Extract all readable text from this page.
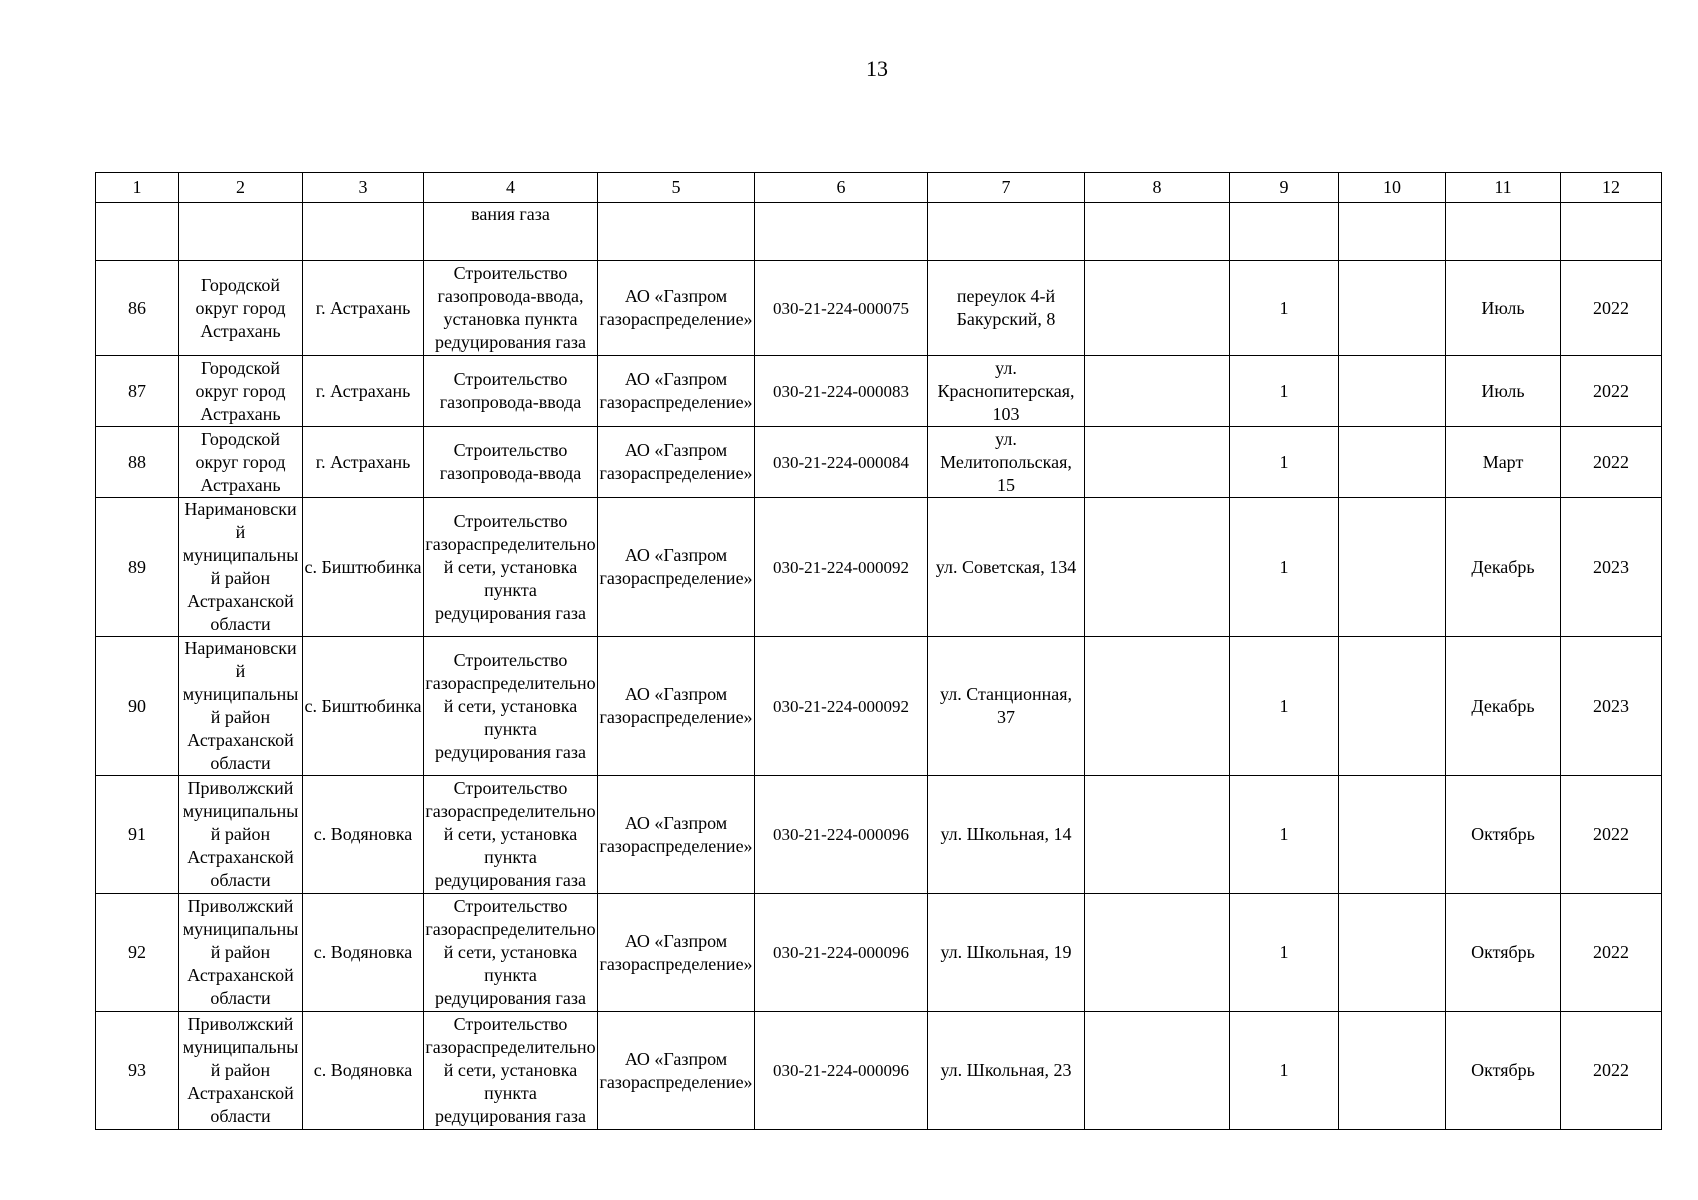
13
1	2	3	4	5	6	7	8	9	10	11	12
			вания газа								
86	Городской округ город Астрахань	г. Астрахань	Строительство газопровода-ввода, установка пункта редуцирования газа	АО «Газпром газораспределение»	030-21-224-000075	переулок 4-й Бакурский, 8		1		Июль	2022
87	Городской округ город Астрахань	г. Астрахань	Строительство газопровода-ввода	АО «Газпром газораспределение»	030-21-224-000083	ул. Краснопитерская, 103		1		Июль	2022
88	Городской округ город Астрахань	г. Астрахань	Строительство газопровода-ввода	АО «Газпром газораспределение»	030-21-224-000084	ул. Мелитопольская, 15		1		Март	2022
89	Наримановский муниципальный район Астраханской области	с. Биштюбинка	Строительство газораспределительной сети, установка пункта редуцирования газа	АО «Газпром газораспределение»	030-21-224-000092	ул. Советская, 134		1		Декабрь	2023
90	Наримановский муниципальный район Астраханской области	с. Биштюбинка	Строительство газораспределительной сети, установка пункта редуцирования газа	АО «Газпром газораспределение»	030-21-224-000092	ул. Станционная, 37		1		Декабрь	2023
91	Приволжский муниципальный район Астраханской области	с. Водяновка	Строительство газораспределительной сети, установка пункта редуцирования газа	АО «Газпром газораспределение»	030-21-224-000096	ул. Школьная, 14		1		Октябрь	2022
92	Приволжский муниципальный район Астраханской области	с. Водяновка	Строительство газораспределительной сети, установка пункта редуцирования газа	АО «Газпром газораспределение»	030-21-224-000096	ул. Школьная, 19		1		Октябрь	2022
93	Приволжский муниципальный район Астраханской области	с. Водяновка	Строительство газораспределительной сети, установка пункта редуцирования газа	АО «Газпром газораспределение»	030-21-224-000096	ул. Школьная, 23		1		Октябрь	2022
